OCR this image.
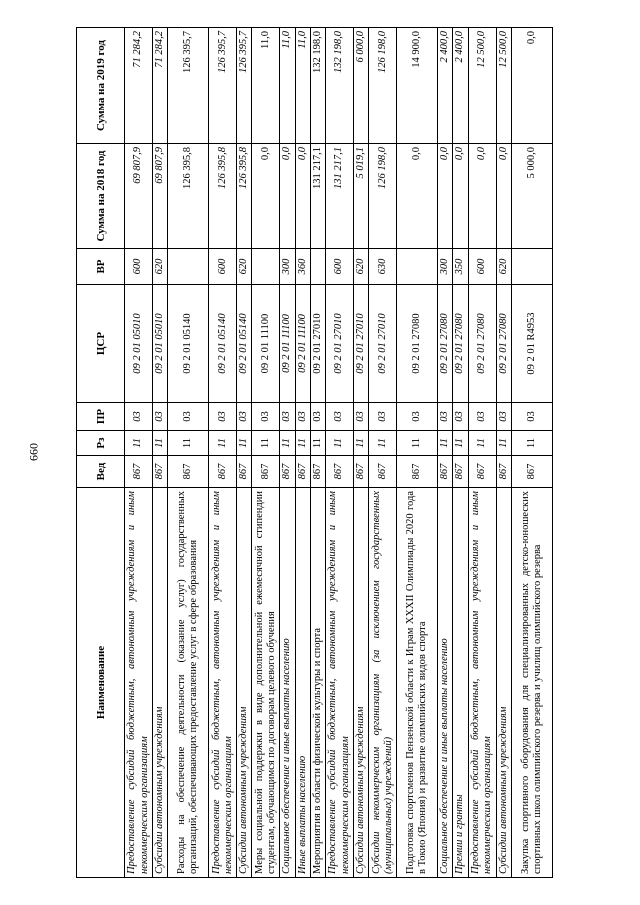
660
Наименование	Вед	Рз	ПР	ЦСР	ВР	Сумма на 2018 год	Сумма на 2019 год
Предоставление субсидий бюджетным, автономным учреждениям и иным некоммерческим организациям	867	11	03	09 2 01 05010	600	69 807,9	71 284,2
Субсидии автономным учреждениям	867	11	03	09 2 01 05010	620	69 807,9	71 284,2
Расходы на обеспечение деятельности (оказание услуг) государственных организаций, обеспечивающих предоставление услуг в сфере образования	867	11	03	09 2 01 05140		126 395,8	126 395,7
Предоставление субсидий бюджетным, автономным учреждениям и иным некоммерческим организациям	867	11	03	09 2 01 05140	600	126 395,8	126 395,7
Субсидии автономным учреждениям	867	11	03	09 2 01 05140	620	126 395,8	126 395,7
Меры социальной поддержки в виде дополнительной ежемесячной стипендии студентам, обучающимся по договорам целевого обучения	867	11	03	09 2 01 11100		0,0	11,0
Социальное обеспечение и иные выплаты населению	867	11	03	09 2 01 11100	300	0,0	11,0
Иные выплаты населению	867	11	03	09 2 01 11100	360	0,0	11,0
Мероприятия в области физической культуры и спорта	867	11	03	09 2 01 27010		131 217,1	132 198,0
Предоставление субсидий бюджетным, автономным учреждениям и иным некоммерческим организациям	867	11	03	09 2 01 27010	600	131 217,1	132 198,0
Субсидии автономным учреждениям	867	11	03	09 2 01 27010	620	5 019,1	6 000,0
Субсидии некоммерческим организациям (за исключением государственных (муниципальных) учреждений)	867	11	03	09 2 01 27010	630	126 198,0	126 198,0
Подготовка спортсменов Пензенской области к Играм XXXII Олимпиады 2020 года в Токио (Япония) и развитие олимпийских видов спорта	867	11	03	09 2 01 27080		0,0	14 900,0
Социальное обеспечение и иные выплаты населению	867	11	03	09 2 01 27080	300	0,0	2 400,0
Премии и гранты	867	11	03	09 2 01 27080	350	0,0	2 400,0
Предоставление субсидий бюджетным, автономным учреждениям и иным некоммерческим организациям	867	11	03	09 2 01 27080	600	0,0	12 500,0
Субсидии автономным учреждениям	867	11	03	09 2 01 27080	620	0,0	12 500,0
Закупка спортивного оборудования для специализированных детско-юношеских спортивных школ олимпийского резерва и училищ олимпийского резерва	867	11	03	09 2 01 R4953		5 000,0	0,0
